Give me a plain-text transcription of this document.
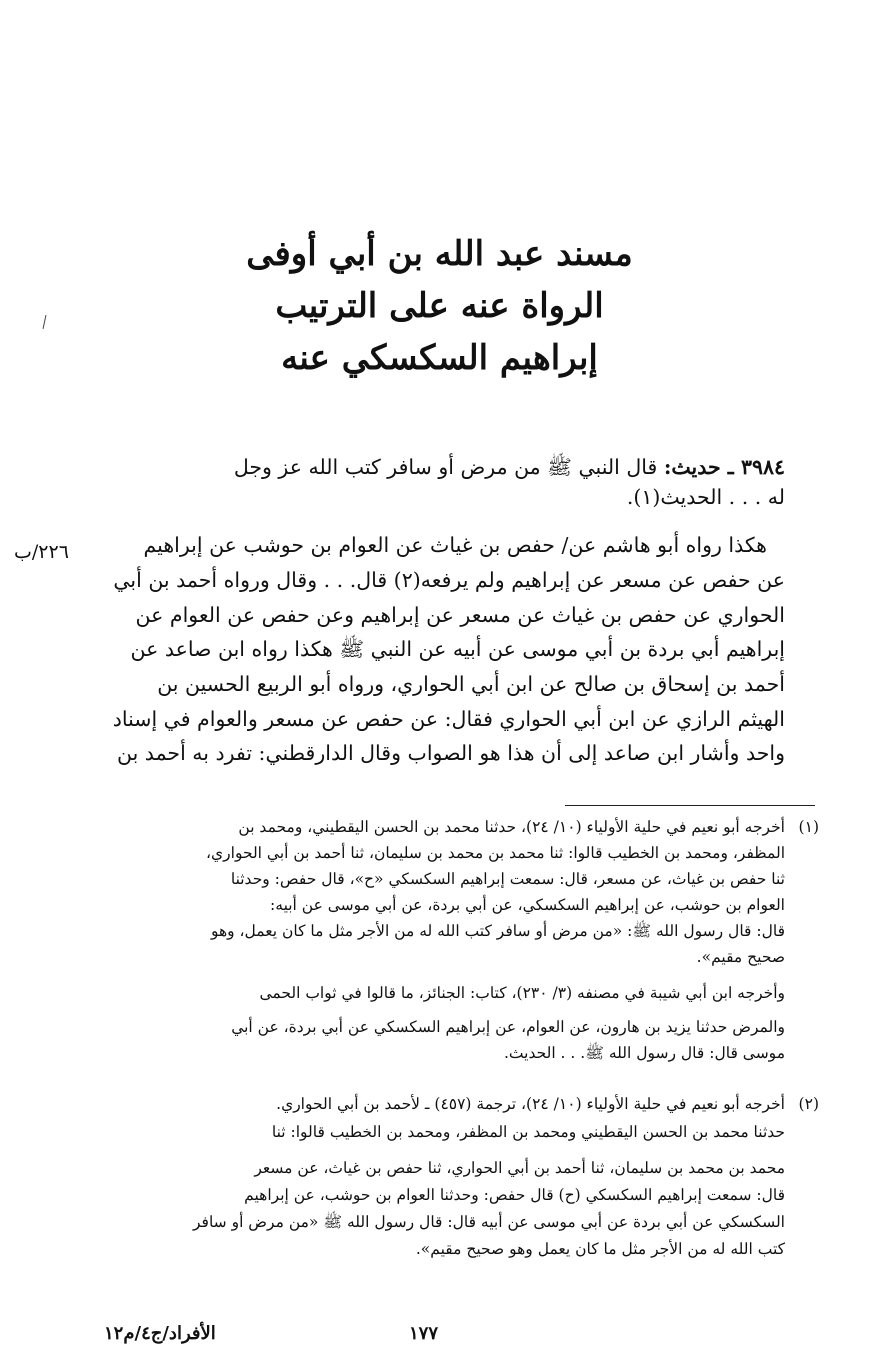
مسند عبد الله بن أبي أوفى
الرواة عنه على الترتيب
إبراهيم السكسكي عنه
٣٩٨٤ ـ حديث: قال النبي ﷺ من مرض أو سافر كتب الله عز وجل
له . . . الحديث(١).
هكذا رواه أبو هاشم عن/ حفص بن غياث عن العوام بن حوشب عن إبراهيم
عن حفص عن مسعر عن إبراهيم ولم يرفعه(٢) قال. . . وقال ورواه أحمد بن أبي
الحواري عن حفص بن غياث عن مسعر عن إبراهيم وعن حفص عن العوام عن
إبراهيم أبي بردة بن أبي موسى عن أبيه عن النبي ﷺ هكذا رواه ابن صاعد عن
أحمد بن إسحاق بن صالح عن ابن أبي الحواري، ورواه أبو الربيع الحسين بن
الهيثم الرازي عن ابن أبي الحواري فقال: عن حفص عن مسعر والعوام في إسناد
واحد وأشار ابن صاعد إلى أن هذا هو الصواب وقال الدارقطني: تفرد به أحمد بن
٢٢٦/ب
(١)
أخرجه أبو نعيم في حلية الأولياء (١٠/ ٢٤)، حدثنا محمد بن الحسن اليقطيني، ومحمد بن
المظفر، ومحمد بن الخطيب قالوا: ثنا محمد بن محمد بن سليمان، ثنا أحمد بن أبي الحواري،
ثنا حفص بن غياث، عن مسعر، قال: سمعت إبراهيم السكسكي «ح»، قال حفص: وحدثنا
العوام بن حوشب، عن إبراهيم السكسكي، عن أبي بردة، عن أبي موسى عن أبيه:
قال: قال رسول الله ﷺ: «من مرض أو سافر كتب الله له من الأجر مثل ما كان يعمل، وهو
صحيح مقيم».
وأخرجه ابن أبي شيبة في مصنفه (٣/ ٢٣٠)، كتاب: الجنائز، ما قالوا في ثواب الحمى
والمرض حدثنا يزيد بن هارون، عن العوام، عن إبراهيم السكسكي عن أبي بردة، عن أبي
موسى قال: قال رسول الله ﷺ. . . الحديث.
(٢)
أخرجه أبو نعيم في حلية الأولياء (١٠/ ٢٤)، ترجمة (٤٥٧) ـ لأحمد بن أبي الحواري.
حدثنا محمد بن الحسن اليقطيني ومحمد بن المظفر، ومحمد بن الخطيب قالوا: ثنا
محمد بن محمد بن سليمان، ثنا أحمد بن أبي الحواري، ثنا حفص بن غياث، عن مسعر
قال: سمعت إبراهيم السكسكي (ح) قال حفص: وحدثنا العوام بن حوشب، عن إبراهيم
السكسكي عن أبي بردة عن أبي موسى عن أبيه قال: قال رسول الله ﷺ «من مرض أو سافر
كتب الله له من الأجر مثل ما كان يعمل وهو صحيح مقيم».
١٧٧
الأفراد/ج٤/م١٢
